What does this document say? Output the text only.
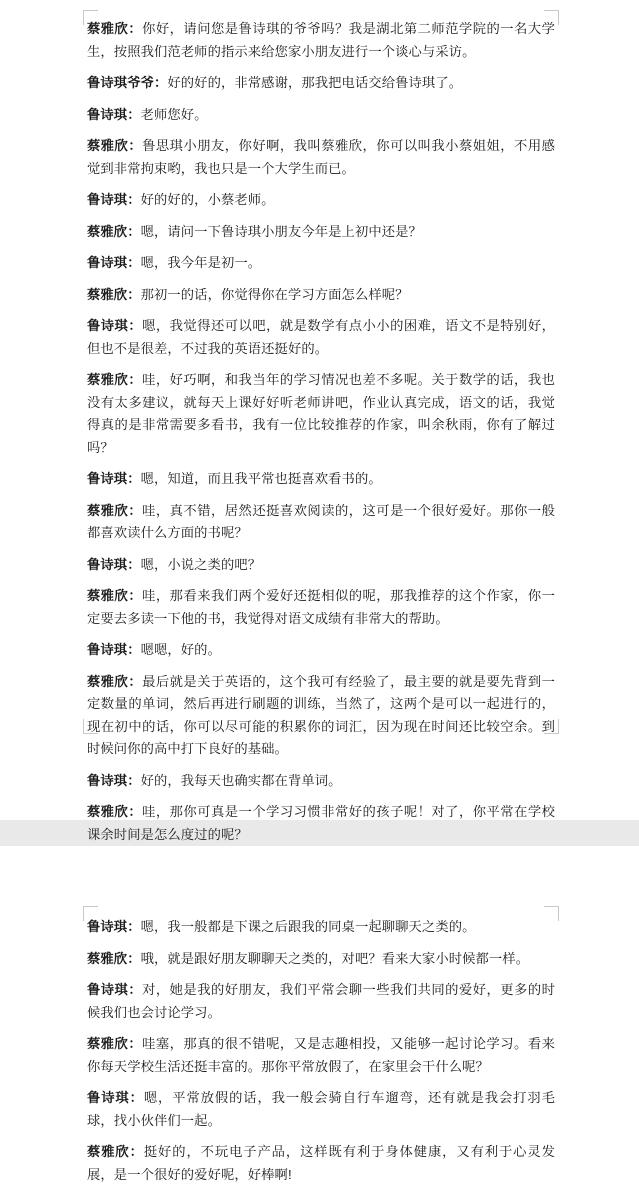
蔡雅欣：你好，请问您是鲁诗琪的爷爷吗？我是湖北第二师范学院的一名大学生，按照我们范老师的指示来给您家小朋友进行一个谈心与采访。

鲁诗琪爷爷：好的好的，非常感谢，那我把电话交给鲁诗琪了。

鲁诗琪：老师您好。

蔡雅欣：鲁思琪小朋友，你好啊，我叫蔡雅欣，你可以叫我小蔡姐姐，不用感觉到非常拘束哟，我也只是一个大学生而已。

鲁诗琪：好的好的，小蔡老师。

蔡雅欣：嗯，请问一下鲁诗琪小朋友今年是上初中还是？

鲁诗琪：嗯，我今年是初一。

蔡雅欣：那初一的话，你觉得你在学习方面怎么样呢？

鲁诗琪：嗯，我觉得还可以吧，就是数学有点小小的困难，语文不是特别好，但也不是很差，不过我的英语还挺好的。

蔡雅欣：哇，好巧啊，和我当年的学习情况也差不多呢。关于数学的话，我也没有太多建议，就每天上课好好听老师讲吧，作业认真完成，语文的话，我觉得真的是非常需要多看书，我有一位比较推荐的作家，叫余秋雨，你有了解过吗？

鲁诗琪：嗯，知道，而且我平常也挺喜欢看书的。

蔡雅欣：哇，真不错，居然还挺喜欢阅读的，这可是一个很好爱好。那你一般都喜欢读什么方面的书呢？

鲁诗琪：嗯，小说之类的吧？

蔡雅欣：哇，那看来我们两个爱好还挺相似的呢，那我推荐的这个作家，你一定要去多读一下他的书，我觉得对语文成绩有非常大的帮助。

鲁诗琪：嗯嗯，好的。

蔡雅欣：最后就是关于英语的，这个我可有经验了，最主要的就是要先背到一定数量的单词，然后再进行刷题的训练，当然了，这两个是可以一起进行的，现在初中的话，你可以尽可能的积累你的词汇，因为现在时间还比较空余。到时候问你的高中打下良好的基础。

鲁诗琪：好的，我每天也确实都在背单词。

蔡雅欣：哇，那你可真是一个学习习惯非常好的孩子呢！对了，你平常在学校课余时间是怎么度过的呢？

鲁诗琪：嗯，我一般都是下课之后跟我的同桌一起聊聊天之类的。

蔡雅欣：哦，就是跟好朋友聊聊天之类的，对吧？看来大家小时候都一样。

鲁诗琪：对，她是我的好朋友，我们平常会聊一些我们共同的爱好，更多的时候我们也会讨论学习。

蔡雅欣：哇塞，那真的很不错呢，又是志趣相投，又能够一起讨论学习。看来你每天学校生活还挺丰富的。那你平常放假了，在家里会干什么呢？

鲁诗琪：嗯，平常放假的话，我一般会骑自行车遛弯，还有就是我会打羽毛球，找小伙伴们一起。

蔡雅欣：挺好的，不玩电子产品，这样既有利于身体健康，又有利于心灵发展，是一个很好的爱好呢，好棒啊!
